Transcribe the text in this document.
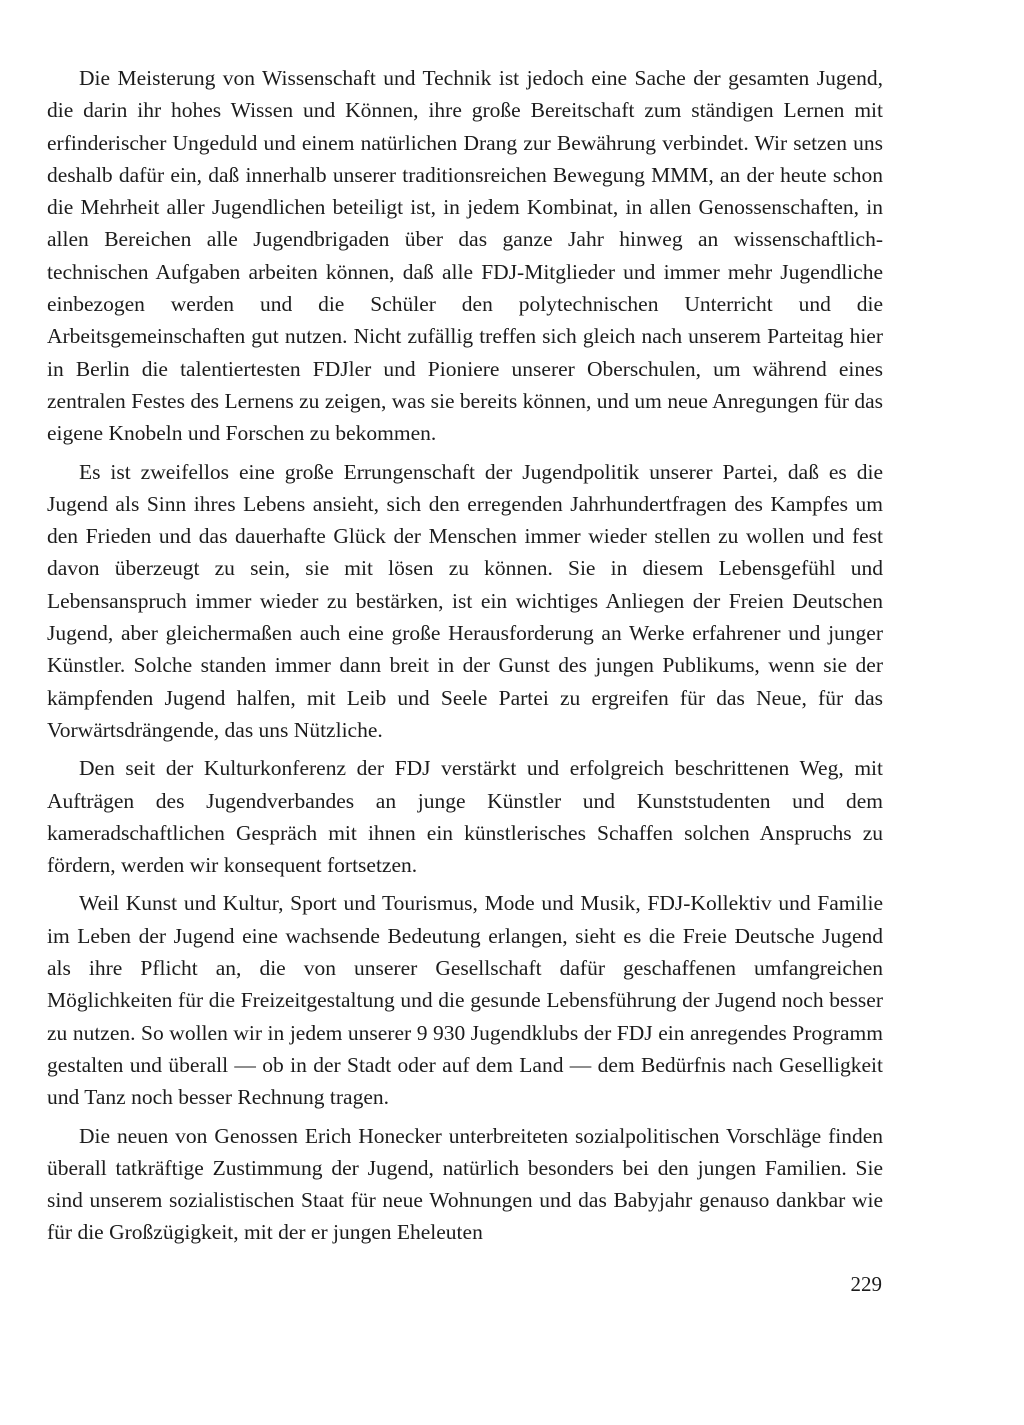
Die Meisterung von Wissenschaft und Technik ist jedoch eine Sache der gesamten Jugend, die darin ihr hohes Wissen und Können, ihre große Bereitschaft zum ständigen Lernen mit erfinderischer Ungeduld und einem natürlichen Drang zur Bewährung verbindet. Wir setzen uns deshalb dafür ein, daß innerhalb unserer traditionsreichen Bewegung MMM, an der heute schon die Mehrheit aller Jugendlichen beteiligt ist, in jedem Kombinat, in allen Genossenschaften, in allen Bereichen alle Jugendbrigaden über das ganze Jahr hinweg an wissenschaftlich-technischen Aufgaben arbeiten können, daß alle FDJ-Mitglieder und immer mehr Jugendliche einbezogen werden und die Schüler den polytechnischen Unterricht und die Arbeitsgemeinschaften gut nutzen. Nicht zufällig treffen sich gleich nach unserem Parteitag hier in Berlin die talentiertesten FDJler und Pioniere unserer Oberschulen, um während eines zentralen Festes des Lernens zu zeigen, was sie bereits können, und um neue Anregungen für das eigene Knobeln und Forschen zu bekommen.

Es ist zweifellos eine große Errungenschaft der Jugendpolitik unserer Partei, daß es die Jugend als Sinn ihres Lebens ansieht, sich den erregenden Jahrhundertfragen des Kampfes um den Frieden und das dauerhafte Glück der Menschen immer wieder stellen zu wollen und fest davon überzeugt zu sein, sie mit lösen zu können. Sie in diesem Lebensgefühl und Lebensanspruch immer wieder zu bestärken, ist ein wichtiges Anliegen der Freien Deutschen Jugend, aber gleichermaßen auch eine große Herausforderung an Werke erfahrener und junger Künstler. Solche standen immer dann breit in der Gunst des jungen Publikums, wenn sie der kämpfenden Jugend halfen, mit Leib und Seele Partei zu ergreifen für das Neue, für das Vorwärtsdrängende, das uns Nützliche.

Den seit der Kulturkonferenz der FDJ verstärkt und erfolgreich beschrittenen Weg, mit Aufträgen des Jugendverbandes an junge Künstler und Kunststudenten und dem kameradschaftlichen Gespräch mit ihnen ein künstlerisches Schaffen solchen Anspruchs zu fördern, werden wir konsequent fortsetzen.

Weil Kunst und Kultur, Sport und Tourismus, Mode und Musik, FDJ-Kollektiv und Familie im Leben der Jugend eine wachsende Bedeutung erlangen, sieht es die Freie Deutsche Jugend als ihre Pflicht an, die von unserer Gesellschaft dafür geschaffenen umfangreichen Möglichkeiten für die Freizeitgestaltung und die gesunde Lebensführung der Jugend noch besser zu nutzen. So wollen wir in jedem unserer 9 930 Jugendklubs der FDJ ein anregendes Programm gestalten und überall — ob in der Stadt oder auf dem Land — dem Bedürfnis nach Geselligkeit und Tanz noch besser Rechnung tragen.

Die neuen von Genossen Erich Honecker unterbreiteten sozialpolitischen Vorschläge finden überall tatkräftige Zustimmung der Jugend, natürlich besonders bei den jungen Familien. Sie sind unserem sozialistischen Staat für neue Wohnungen und das Babyjahr genauso dankbar wie für die Großzügigkeit, mit der er jungen Eheleuten

229
